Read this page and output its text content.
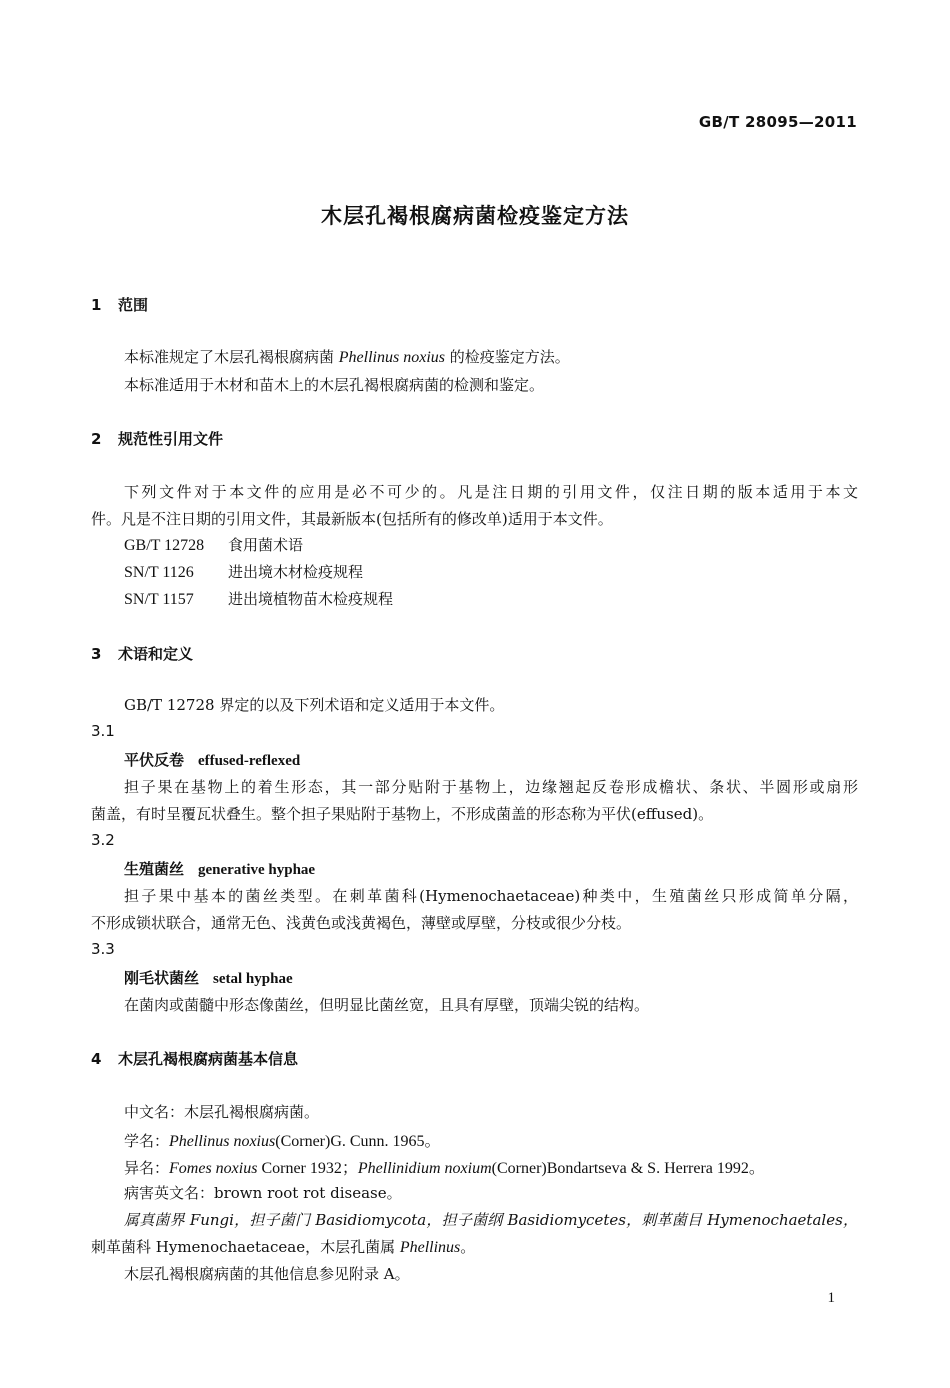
GB/T 28095—2011
木层孔褐根腐病菌检疫鉴定方法
1 范围
本标准规定了木层孔褐根腐病菌 Phellinus noxius 的检疫鉴定方法。
本标准适用于木材和苗木上的木层孔褐根腐病菌的检测和鉴定。
2 规范性引用文件
下列文件对于本文件的应用是必不可少的。凡是注日期的引用文件，仅注日期的版本适用于本文
件。凡是不注日期的引用文件，其最新版本(包括所有的修改单)适用于本文件。
GB/T 12728 食用菌术语
SN/T 1126 进出境木材检疫规程
SN/T 1157 进出境植物苗木检疫规程
3 术语和定义
GB/T 12728 界定的以及下列术语和定义适用于本文件。
3.1
平伏反卷 effused-reflexed
担子果在基物上的着生形态，其一部分贴附于基物上，边缘翘起反卷形成檐状、条状、半圆形或扇形
菌盖，有时呈覆瓦状叠生。整个担子果贴附于基物上，不形成菌盖的形态称为平伏(effused)。
3.2
生殖菌丝 generative hyphae
担子果中基本的菌丝类型。在刺革菌科(Hymenochaetaceae)种类中，生殖菌丝只形成简单分隔，
不形成锁状联合，通常无色、浅黄色或浅黄褐色，薄壁或厚壁，分枝或很少分枝。
3.3
刚毛状菌丝 setal hyphae
在菌肉或菌髓中形态像菌丝，但明显比菌丝宽，且具有厚壁，顶端尖锐的结构。
4 木层孔褐根腐病菌基本信息
中文名：木层孔褐根腐病菌。
学名：Phellinus noxius(Corner)G. Cunn. 1965。
异名：Fomes noxius Corner 1932；Phellinidium noxium(Corner)Bondartseva & S. Herrera 1992。
病害英文名：brown root rot disease。
属真菌界 Fungi，担子菌门 Basidiomycota，担子菌纲 Basidiomycetes，刺革菌目 Hymenochaetales，
刺革菌科 Hymenochaetaceae，木层孔菌属 Phellinus。
木层孔褐根腐病菌的其他信息参见附录 A。
1
